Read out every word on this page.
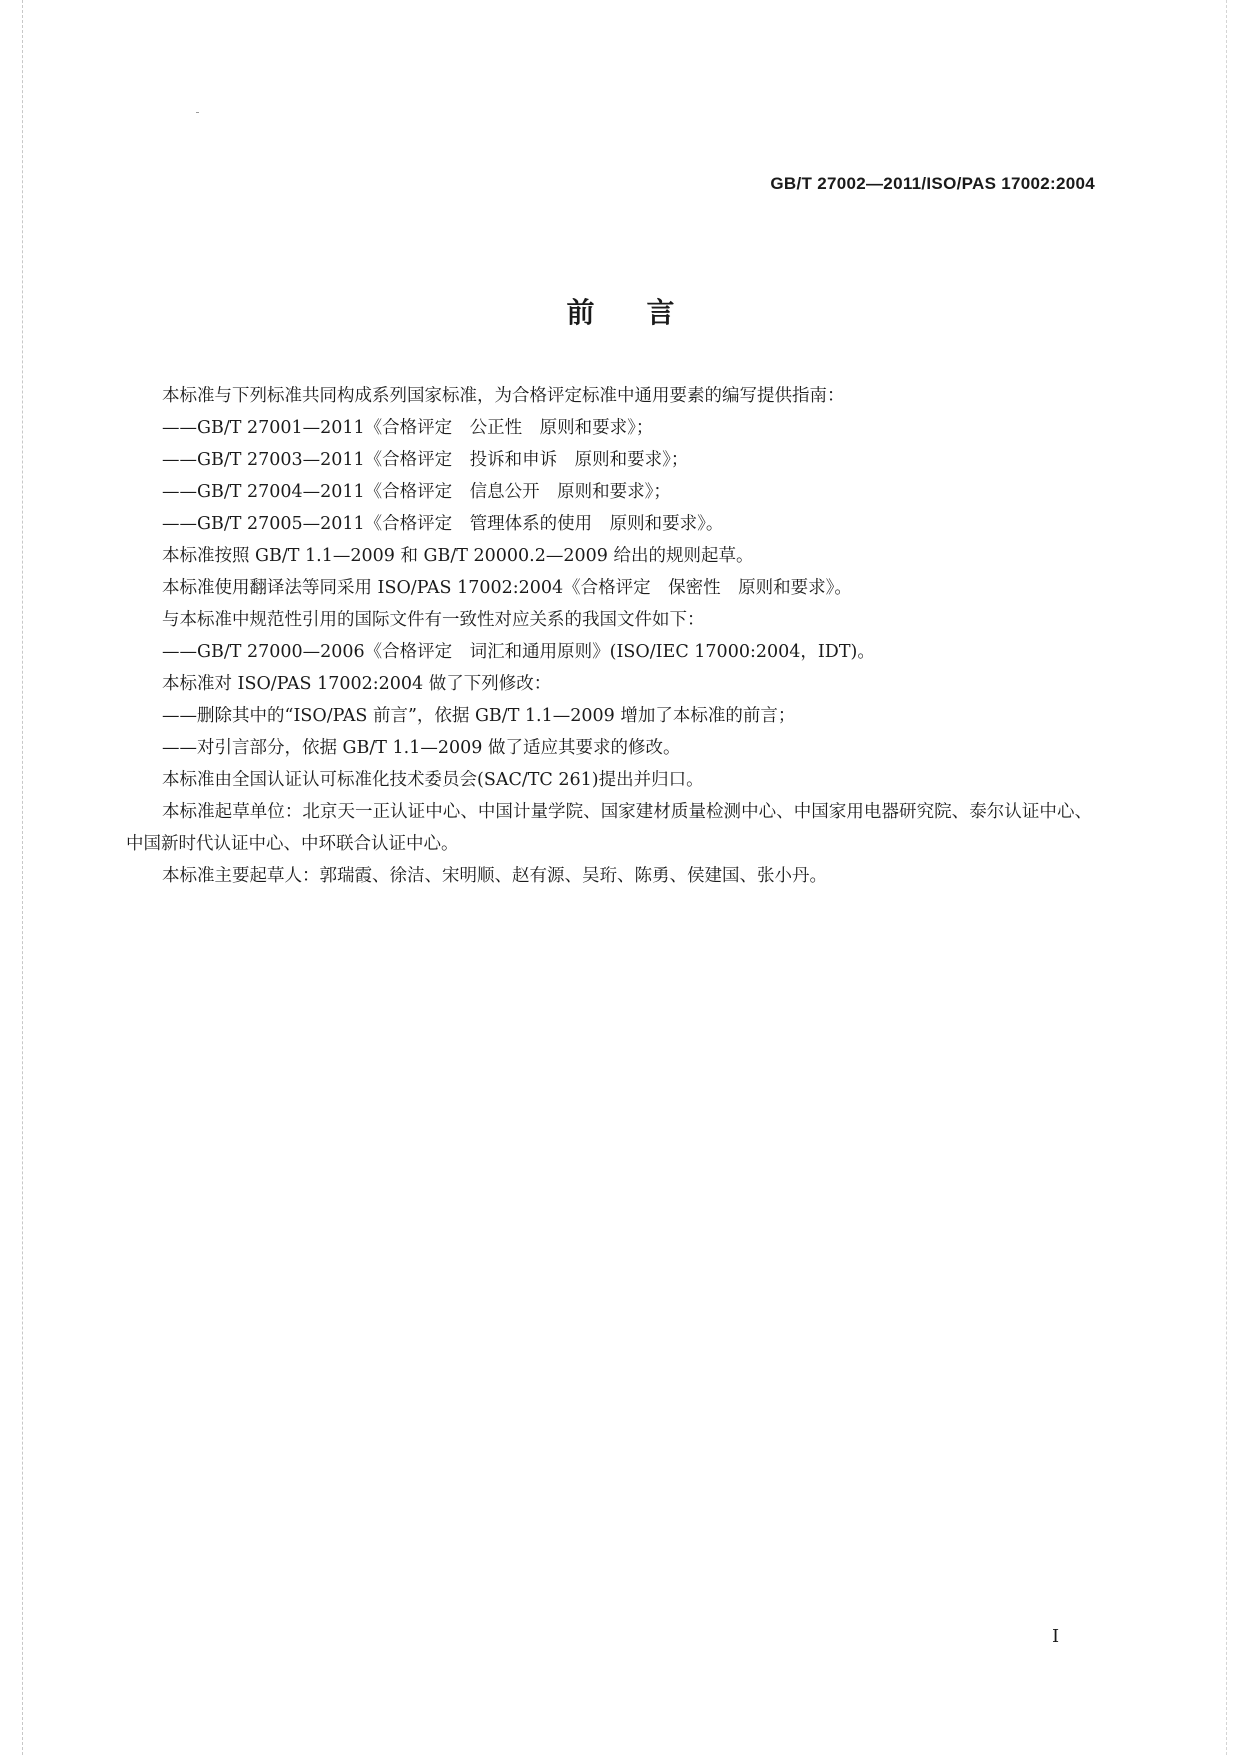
GB/T 27002—2011/ISO/PAS 17002:2004
前言

本标准与下列标准共同构成系列国家标准，为合格评定标准中通用要素的编写提供指南：

——GB/T 27001—2011《合格评定　公正性　原则和要求》；

——GB/T 27003—2011《合格评定　投诉和申诉　原则和要求》；

——GB/T 27004—2011《合格评定　信息公开　原则和要求》；

——GB/T 27005—2011《合格评定　管理体系的使用　原则和要求》。

本标准按照 GB/T 1.1—2009 和 GB/T 20000.2—2009 给出的规则起草。

本标准使用翻译法等同采用 ISO/PAS 17002:2004《合格评定　保密性　原则和要求》。

与本标准中规范性引用的国际文件有一致性对应关系的我国文件如下：

——GB/T 27000—2006《合格评定　词汇和通用原则》(ISO/IEC 17000:2004，IDT)。

本标准对 ISO/PAS 17002:2004 做了下列修改：

——删除其中的“ISO/PAS 前言”，依据 GB/T 1.1—2009 增加了本标准的前言；

——对引言部分，依据 GB/T 1.1—2009 做了适应其要求的修改。

本标准由全国认证认可标准化技术委员会(SAC/TC 261)提出并归口。

本标准起草单位：北京天一正认证中心、中国计量学院、国家建材质量检测中心、中国家用电器研究院、泰尔认证中心、中国新时代认证中心、中环联合认证中心。

本标准主要起草人：郭瑞霞、徐洁、宋明顺、赵有源、吴珩、陈勇、侯建国、张小丹。

I
